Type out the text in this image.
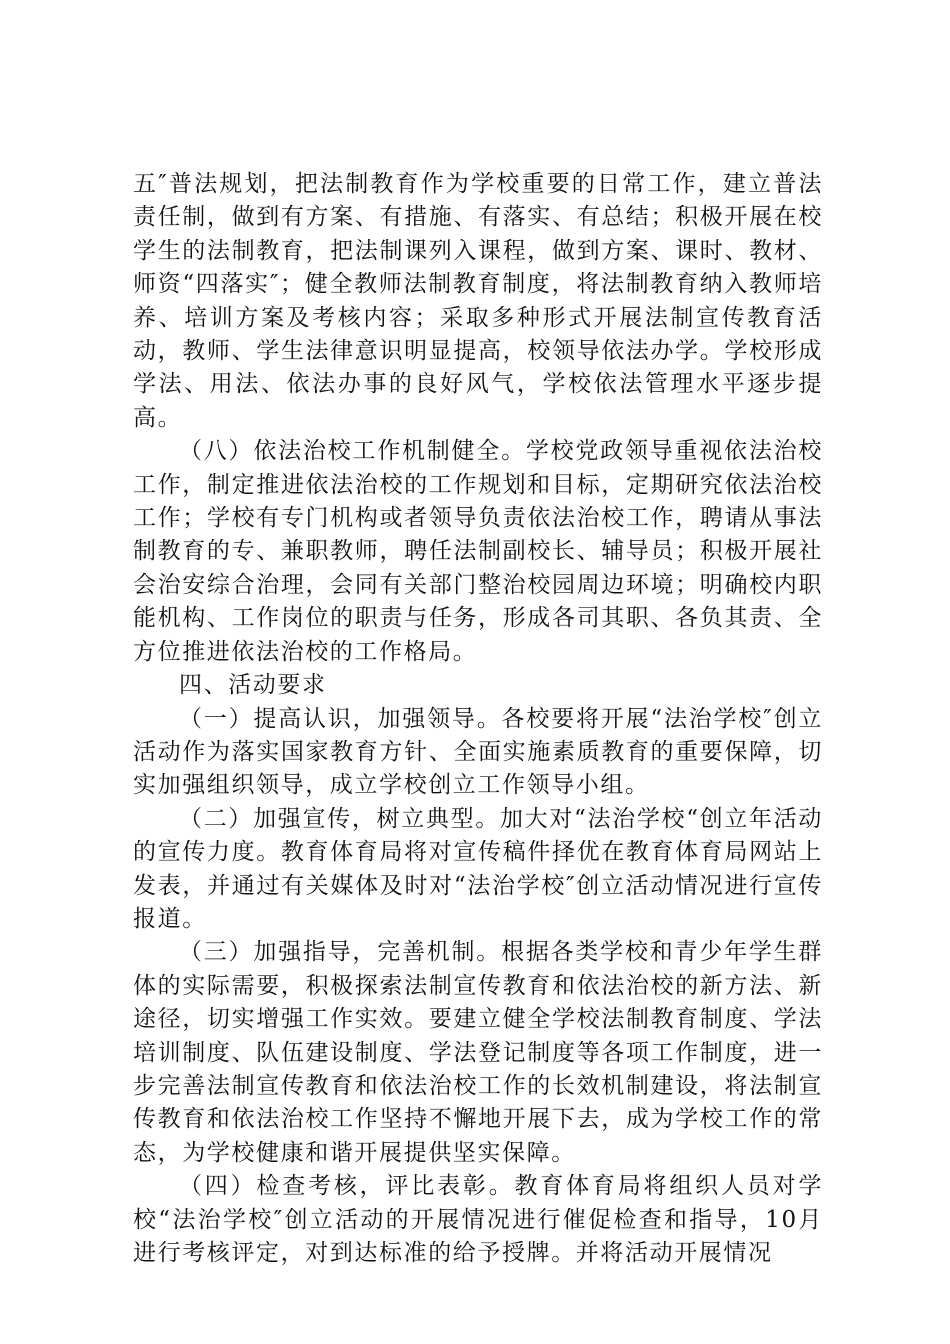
五″普法规划，把法制教育作为学校重要的日常工作，建立普法责任制，做到有方案、有措施、有落实、有总结；积极开展在校学生的法制教育，把法制课列入课程，做到方案、课时、教材、师资“四落实″；健全教师法制教育制度，将法制教育纳入教师培养、培训方案及考核内容；采取多种形式开展法制宣传教育活动，教师、学生法律意识明显提高，校领导依法办学。学校形成学法、用法、依法办事的良好风气，学校依法管理水平逐步提高。

（八）依法治校工作机制健全。学校党政领导重视依法治校工作，制定推进依法治校的工作规划和目标，定期研究依法治校工作；学校有专门机构或者领导负责依法治校工作，聘请从事法制教育的专、兼职教师，聘任法制副校长、辅导员；积极开展社会治安综合治理，会同有关部门整治校园周边环境；明确校内职能机构、工作岗位的职责与任务，形成各司其职、各负其责、全方位推进依法治校的工作格局。

四、活动要求

（一）提高认识，加强领导。各校要将开展“法治学校″创立活动作为落实国家教育方针、全面实施素质教育的重要保障，切实加强组织领导，成立学校创立工作领导小组。

（二）加强宣传，树立典型。加大对“法治学校“创立年活动的宣传力度。教育体育局将对宣传稿件择优在教育体育局网站上发表，并通过有关媒体及时对“法治学校″创立活动情况进行宣传报道。

（三）加强指导，完善机制。根据各类学校和青少年学生群体的实际需要，积极探索法制宣传教育和依法治校的新方法、新途径，切实增强工作实效。要建立健全学校法制教育制度、学法培训制度、队伍建设制度、学法登记制度等各项工作制度，进一步完善法制宣传教育和依法治校工作的长效机制建设，将法制宣传教育和依法治校工作坚持不懈地开展下去，成为学校工作的常态，为学校健康和谐开展提供坚实保障。

（四）检查考核，评比表彰。教育体育局将组织人员对学校“法治学校″创立活动的开展情况进行催促检查和指导，10月进行考核评定，对到达标准的给予授牌。并将活动开展情况
